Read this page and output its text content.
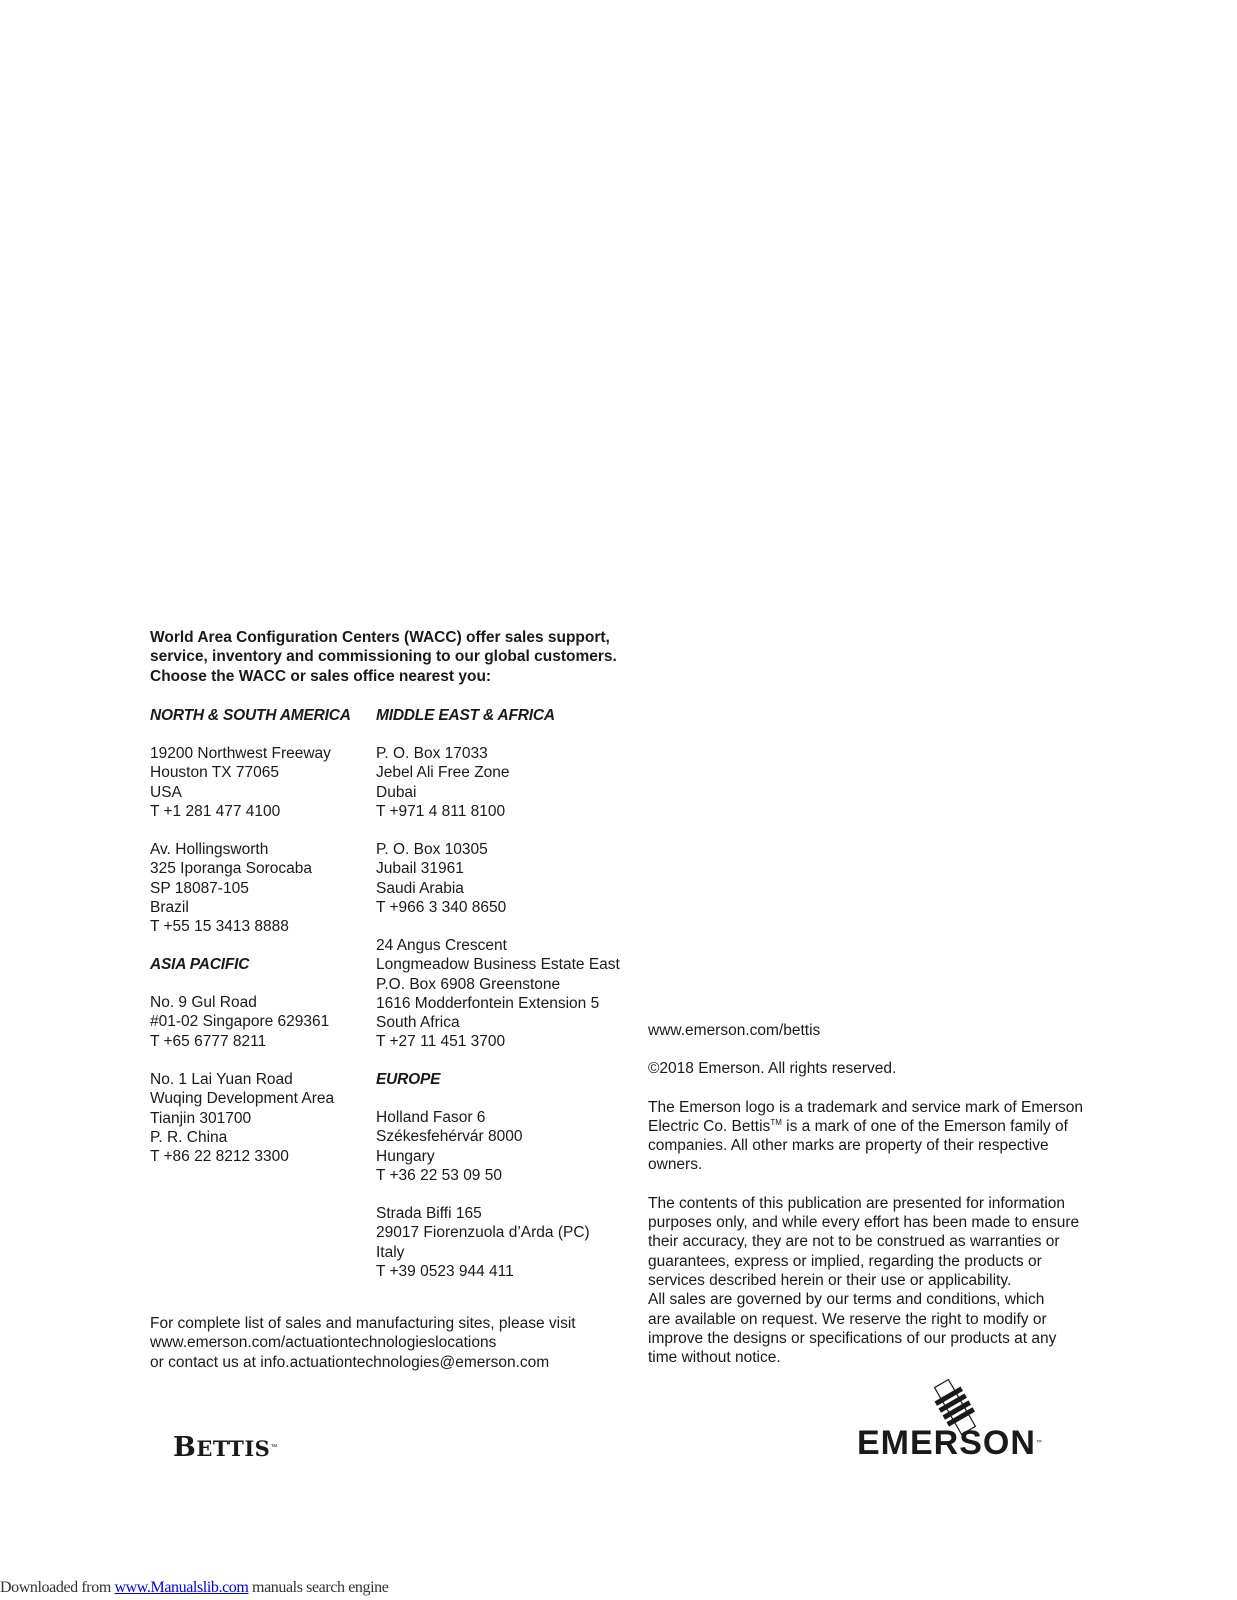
World Area Configuration Centers (WACC) offer sales support,
service, inventory and commissioning to our global customers.
Choose the WACC or sales office nearest you:
NORTH & SOUTH AMERICA
19200 Northwest Freeway
Houston TX 77065
USA
T +1 281 477 4100
Av. Hollingsworth
325 Iporanga Sorocaba
SP 18087-105
Brazil
T +55 15 3413 8888
ASIA PACIFIC
No. 9 Gul Road
#01-02 Singapore 629361
T +65 6777 8211
No. 1 Lai Yuan Road
Wuqing Development Area
Tianjin 301700
P. R. China
T +86 22 8212 3300
MIDDLE EAST & AFRICA
P. O. Box 17033
Jebel Ali Free Zone
Dubai
T +971 4 811 8100
P. O. Box 10305
Jubail 31961
Saudi Arabia
T +966 3 340 8650
24 Angus Crescent
Longmeadow Business Estate East
P.O. Box 6908 Greenstone
1616 Modderfontein Extension 5
South Africa
T +27 11 451 3700
EUROPE
Holland Fasor 6
Székesfehérvár 8000
Hungary
T +36 22 53 09 50
Strada Biffi 165
29017 Fiorenzuola d’Arda (PC)
Italy
T +39 0523 944 411
For complete list of sales and manufacturing sites, please visit
www.emerson.com/actuationtechnologieslocations
or contact us at info.actuationtechnologies@emerson.com
www.emerson.com/bettis
©2018 Emerson. All rights reserved.
The Emerson logo is a trademark and service mark of Emerson
Electric Co. Bettis™ is a mark of one of the Emerson family of
companies. All other marks are property of their respective
owners.
The contents of this publication are presented for information
purposes only, and while every effort has been made to ensure
their accuracy, they are not to be construed as warranties or
guarantees, express or implied, regarding the products or
services described herein or their use or applicability.
All sales are governed by our terms and conditions, which
are available on request. We reserve the right to modify or
improve the designs or specifications of our products at any
time without notice.
BETTIS™	EMERSON™
Downloaded from www.Manualslib.com manuals search engine
